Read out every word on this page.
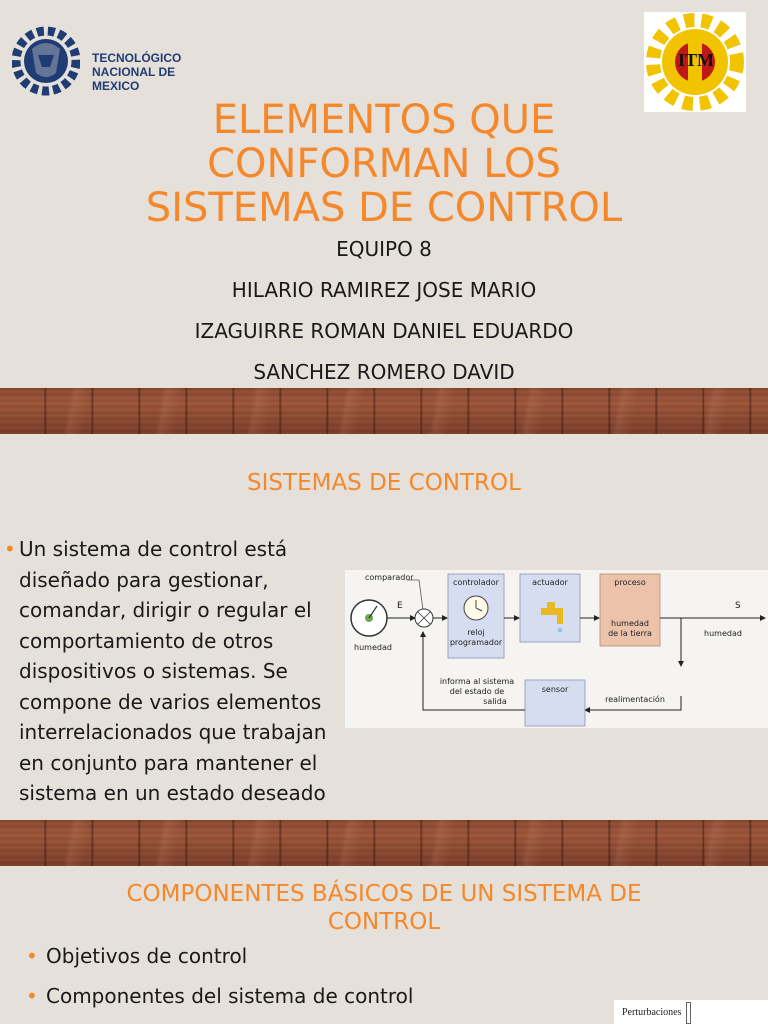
TECNOLÓGICO
NACIONAL DE MEXICO
ITM
ELEMENTOS QUE
CONFORMAN LOS
SISTEMAS DE CONTROL
EQUIPO 8
HILARIO RAMIREZ JOSE MARIO
IZAGUIRRE ROMAN DANIEL EDUARDO
SANCHEZ ROMERO DAVID
SISTEMAS DE CONTROL
• Un sistema de control está
diseñado para gestionar,
comandar, dirigir o regular el
comportamiento de otros
dispositivos o sistemas. Se
compone de varios elementos
interrelacionados que trabajan
en conjunto para mantener el
sistema en un estado deseado
humedad
E
comparador
controlador
reloj
programador
actuador	proceso
humedad
de la tierra
S
humedad
sensor
realimentación
informa al sistema
del estado de
salida
COMPONENTES BÁSICOS DE UN SISTEMA DE
CONTROL
• Objetivos de control
• Componentes del sistema de control
Perturbaciones
